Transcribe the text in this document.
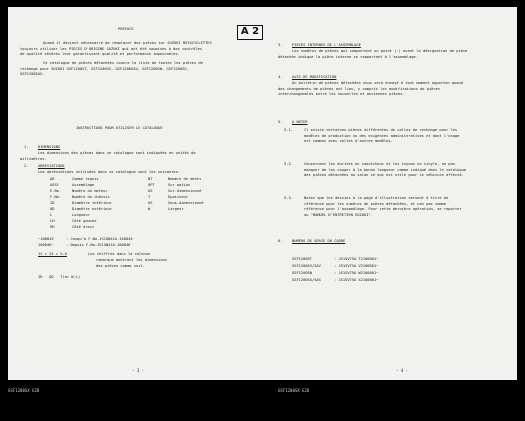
A 2
PREFACE
Quand il devient nécessaire de remplacer des pièces sur SUZUKI MOTOCYCLETTES
toujours utiliser les PIECES D'ORIGINE SUZUKI qui ont été soumises à des contrôles
de qualité sévères leur garantissant qualité et performance impeccables.
Ce catalogue de pièces détachées couvre la liste de toutes les pièces de
rechange pour SUZUKI GSF1200ST, GSF1200SV, GSF1200SAV, GSF1200SW, GSF1200SX,
GSF1200SAX.
INSTRUCTIONS POUR UTILISER LE CATALOGUE
1.	DIMENSIONS
Les dimensions des pièces dans ce catalogue sont indiquées en unités de
millimètres.
2.	ABREVIATIONS
Les abréviations utilisées dans ce catalogue sont les suivantes:
AR	Comme requis	NT	Nombre de dents
ASSY	Assemblage	OPT	Sur option
E.No.	Numéro du moteur	OS	Sur-dimensionné
F.No.	Numéro du châssis	T	Epaisseur
ID	Diamètre intérieur	US	Sous-dimensionné
OD	Diamètre extérieur	W	Largeur
L	Longueur
LH	Côté gauche
RH	Côté droit
~100045	: Jusqu'à F.No.JS1GN41A-100045
100046~	: Depuis F.No.JS1GN41A-100046
12 × 24 × 5.0	Les chiffres dans la colonne
remarque montrent les dimensions
des pièces comme suit.
ID   OD   T(or W,L)
- 3 -
3.	PIECES INTERNES DE L'ASSEMBLAGE
Les numéros de pièces qui comportent un point (·) avant la désignation de pièce
détachée indique la pièce interne se rapportant à l'assemblage.
4.	AVIS DE MODIFICATION
Un bulletin de pièces détachées vous sera envoyé à tout moment opportun quand
des changements de pièces ont lieu, y compris les modifications de pièces
interchangeables entre les nouvelles et anciennes pièces.
5.	A NOTER
5-1.	Il existe certaines pièces différentes de celles de rechange pour les
modèles de production vu des exigences administratives et dont l'usage
est commun avec celles d'autres modèles.
5-2.	Concernant les durites en caoutchouc et les tuyaux en vinyle, ne pas
manquer de les couper à la bonne longueur comme indiqué dans le catalogue
des pièces détachées au salon ce qui est utile pour le véhicule affecté.
5-3.	Notez que les dessins à la page d'illustration servent à titre de
référence pour les numéros de pièces détachées, et non pas comme
référence pour l'assemblage. Pour cette dernière opération, se reporter
au "MANUEL D'ENTRETIEN SUZUKI".
6.	NUMERO DE SERIE DU CADRE
GSF1200ST	: JS1GV75A T2100001~
GSF1200SV/SAV	: JS1GV75A V2100001~
GSF1200SW	: JS1GV75A W2100001~
GSF1200SX/SAX	: JS1GV75A X2100001~
- 4 -
GSF1200SX E28	GSF1200SX E28
